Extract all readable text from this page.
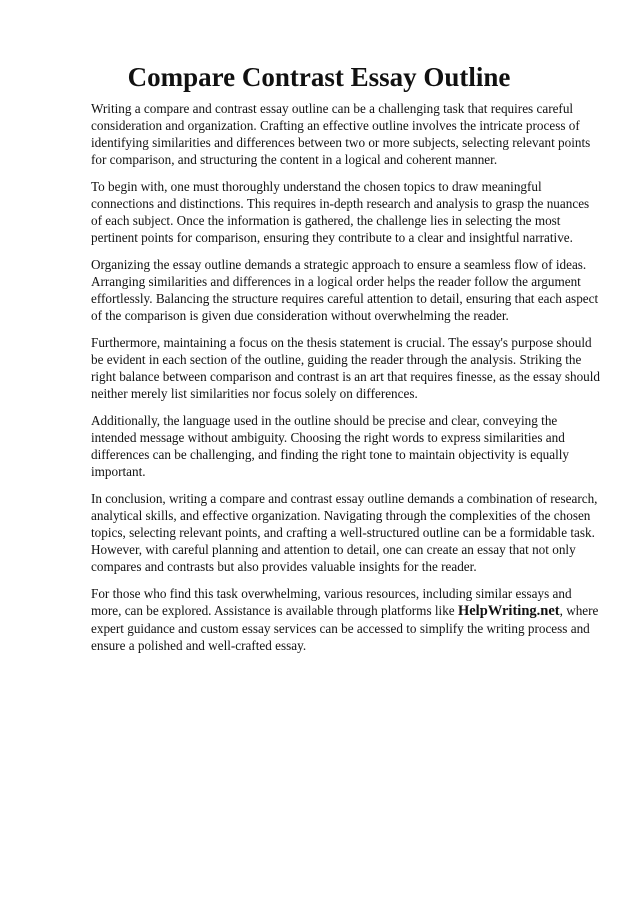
Compare Contrast Essay Outline

Writing a compare and contrast essay outline can be a challenging task that requires careful consideration and organization. Crafting an effective outline involves the intricate process of identifying similarities and differences between two or more subjects, selecting relevant points for comparison, and structuring the content in a logical and coherent manner.

To begin with, one must thoroughly understand the chosen topics to draw meaningful connections and distinctions. This requires in-depth research and analysis to grasp the nuances of each subject. Once the information is gathered, the challenge lies in selecting the most pertinent points for comparison, ensuring they contribute to a clear and insightful narrative.

Organizing the essay outline demands a strategic approach to ensure a seamless flow of ideas. Arranging similarities and differences in a logical order helps the reader follow the argument effortlessly. Balancing the structure requires careful attention to detail, ensuring that each aspect of the comparison is given due consideration without overwhelming the reader.

Furthermore, maintaining a focus on the thesis statement is crucial. The essay's purpose should be evident in each section of the outline, guiding the reader through the analysis. Striking the right balance between comparison and contrast is an art that requires finesse, as the essay should neither merely list similarities nor focus solely on differences.

Additionally, the language used in the outline should be precise and clear, conveying the intended message without ambiguity. Choosing the right words to express similarities and differences can be challenging, and finding the right tone to maintain objectivity is equally important.

In conclusion, writing a compare and contrast essay outline demands a combination of research, analytical skills, and effective organization. Navigating through the complexities of the chosen topics, selecting relevant points, and crafting a well-structured outline can be a formidable task. However, with careful planning and attention to detail, one can create an essay that not only compares and contrasts but also provides valuable insights for the reader.

For those who find this task overwhelming, various resources, including similar essays and more, can be explored. Assistance is available through platforms like HelpWriting.net, where expert guidance and custom essay services can be accessed to simplify the writing process and ensure a polished and well-crafted essay.
